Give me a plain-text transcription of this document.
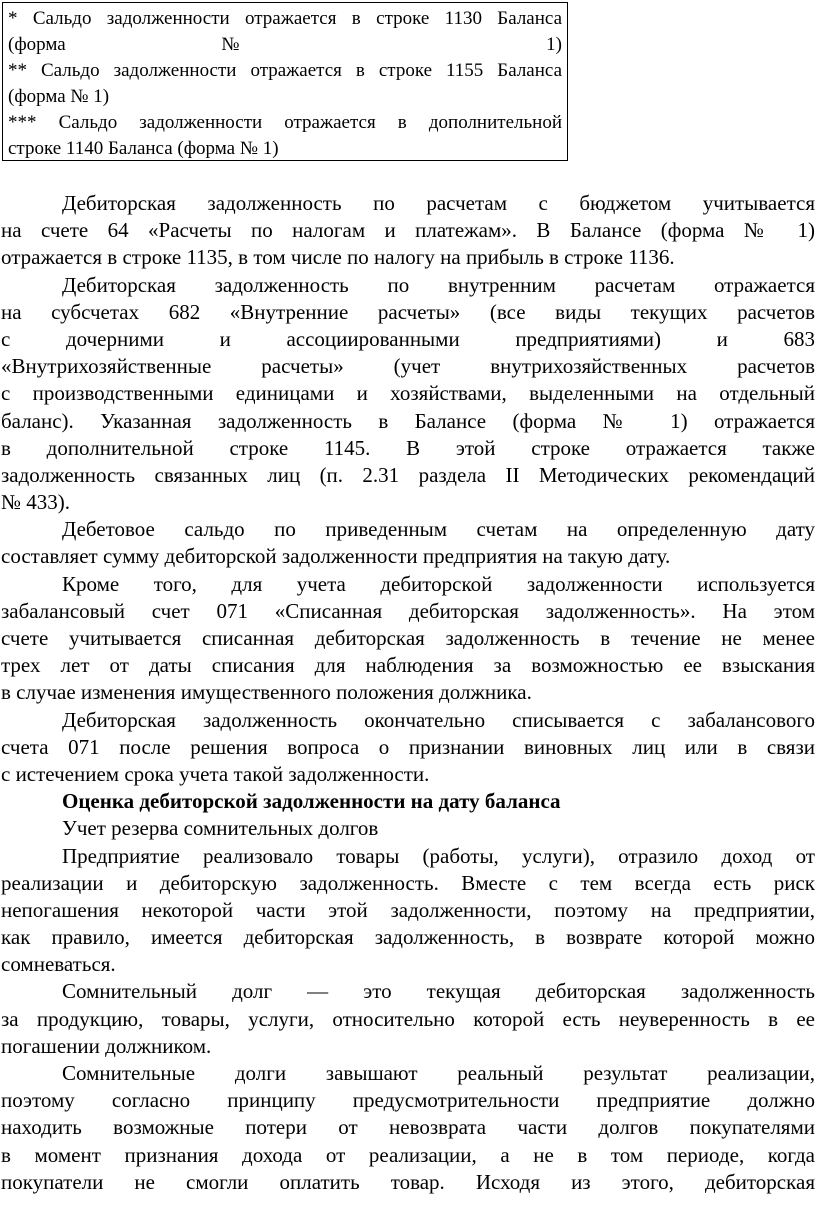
* Сальдо задолженности отражается в строке 1130 Баланса
(форма № 1)
** Сальдо задолженности отражается в строке 1155 Баланса
(форма № 1)
*** Сальдо задолженности отражается в дополнительной
строке 1140 Баланса (форма № 1)
Дебиторская задолженность по расчетам с бюджетом учитывается
на счете 64 «Расчеты по налогам и платежам». В Балансе (форма № 1)
отражается в строке 1135, в том числе по налогу на прибыль в строке 1136.
Дебиторская задолженность по внутренним расчетам отражается
на субсчетах 682 «Внутренние расчеты» (все виды текущих расчетов
с дочерними и ассоциированными предприятиями) и 683
«Внутрихозяйственные расчеты» (учет внутрихозяйственных расчетов
с производственными единицами и хозяйствами, выделенными на отдельный
баланс). Указанная задолженность в Балансе (форма № 1) отражается
в дополнительной строке 1145. В этой строке отражается также
задолженность связанных лиц (п. 2.31 раздела II Методических рекомендаций
№ 433).
Дебетовое сальдо по приведенным счетам на определенную дату
составляет сумму дебиторской задолженности предприятия на такую дату.
Кроме того, для учета дебиторской задолженности используется
забалансовый счет 071 «Списанная дебиторская задолженность». На этом
счете учитывается списанная дебиторская задолженность в течение не менее
трех лет от даты списания для наблюдения за возможностью ее взыскания
в случае изменения имущественного положения должника.
Дебиторская задолженность окончательно списывается с забалансового
счета 071 после решения вопроса о признании виновных лиц или в связи
с истечением срока учета такой задолженности.
Оценка дебиторской задолженности на дату баланса
Учет резерва сомнительных долгов
Предприятие реализовало товары (работы, услуги), отразило доход от
реализации и дебиторскую задолженность. Вместе с тем всегда есть риск
непогашения некоторой части этой задолженности, поэтому на предприятии,
как правило, имеется дебиторская задолженность, в возврате которой можно
сомневаться.
Сомнительный долг — это текущая дебиторская задолженность
за продукцию, товары, услуги, относительно которой есть неуверенность в ее
погашении должником.
Сомнительные долги завышают реальный результат реализации,
поэтому согласно принципу предусмотрительности предприятие должно
находить возможные потери от невозврата части долгов покупателями
в момент признания дохода от реализации, а не в том периоде, когда
покупатели не смогли оплатить товар. Исходя из этого, дебиторская
